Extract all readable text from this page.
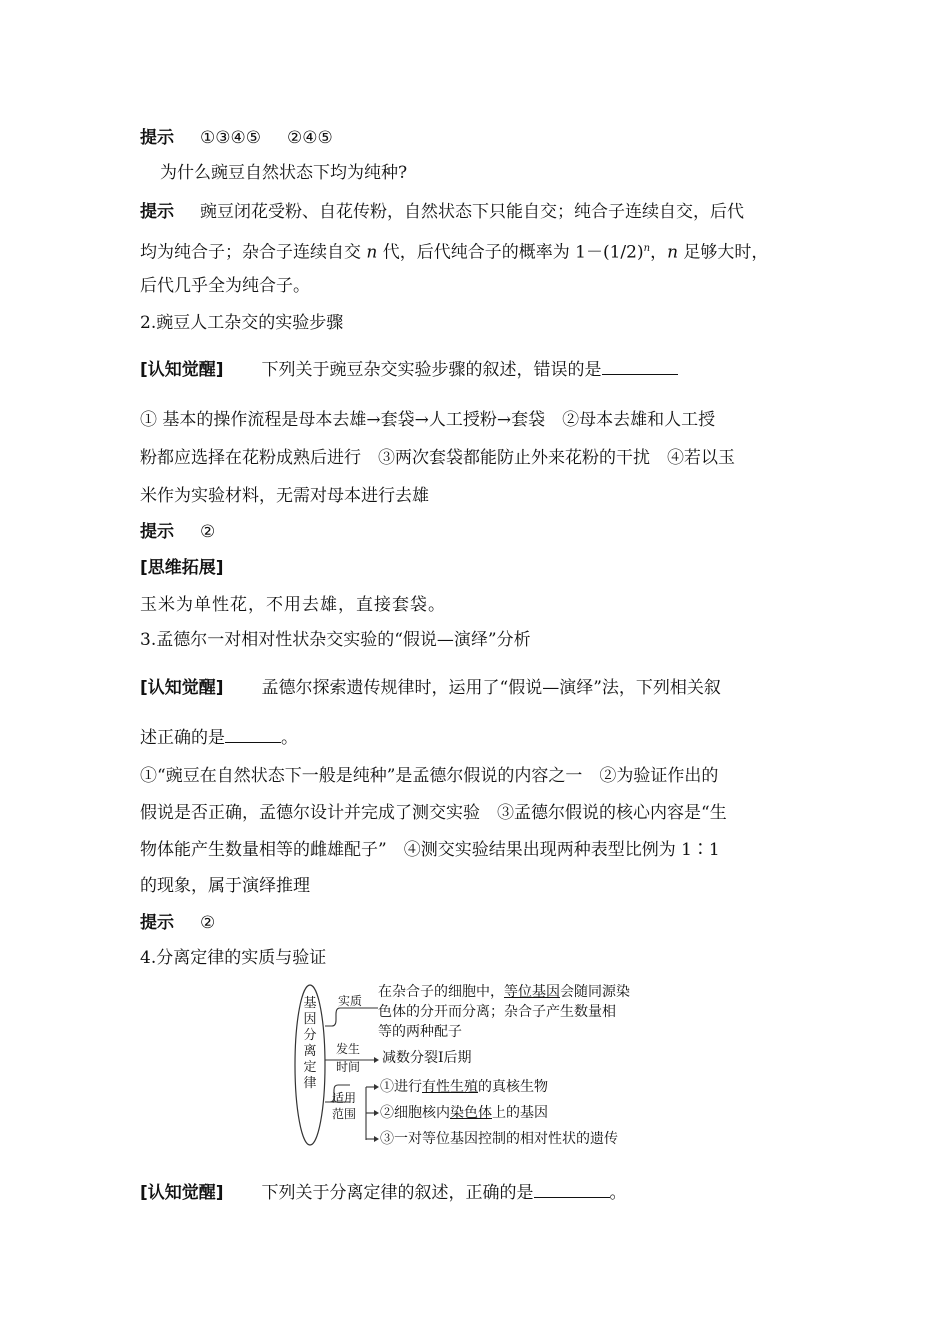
提示 ①③④⑤ ②④⑤
为什么豌豆自然状态下均为纯种?
提示 豌豆闭花受粉、自花传粉，自然状态下只能自交；纯合子连续自交，后代
均为纯合子；杂合子连续自交 n 代，后代纯合子的概率为 $1-(1/2)^n$，n 足够大时，
后代几乎全为纯合子。
2.豌豆人工杂交的实验步骤
[认知觉醒] 下列关于豌豆杂交实验步骤的叙述，错误的是
① 基本的操作流程是母本去雄→套袋→人工授粉→套袋　②母本去雄和人工授
粉都应选择在花粉成熟后进行　③两次套袋都能防止外来花粉的干扰　④若以玉
米作为实验材料，无需对母本进行去雄
提示 ②
[思维拓展]
玉米为单性花，不用去雄，直接套袋。
3.孟德尔一对相对性状杂交实验的“假说—演绎”分析
[认知觉醒] 孟德尔探索遗传规律时，运用了“假说—演绎”法，下列相关叙
述正确的是	。
①“豌豆在自然状态下一般是纯种”是孟德尔假说的内容之一　②为验证作出的
假说是否正确，孟德尔设计并完成了测交实验　③孟德尔假说的核心内容是“生
物体能产生数量相等的雌雄配子”　④测交实验结果出现两种表型比例为 1∶1
的现象，属于演绎推理
提示 ②
4.分离定律的实质与验证
基因分离定律
实质
在杂合子的细胞中，等位基因会随同源染
色体的分开而分离；杂合子产生数量相
等的两种配子
发生
时间
减数分裂Ⅰ后期
适用
范围
①进行有性生殖的真核生物
②细胞核内染色体上的基因
③一对等位基因控制的相对性状的遗传
[认知觉醒] 下列关于分离定律的叙述，正确的是	。
